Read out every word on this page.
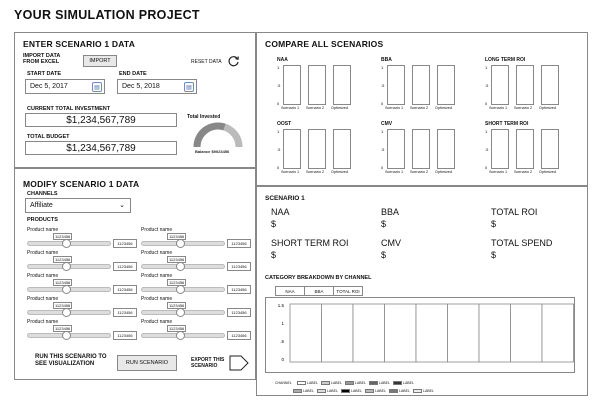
YOUR SIMULATION PROJECT
ENTER SCENARIO 1 DATA
IMPORT DATA FROM EXCEL	IMPORT	RESET DATA
START DATE
Dec 5, 2017	▤
END DATE
Dec 5, 2018	▤
CURRENT TOTAL INVESTMENT
$1,234,567,789
TOTAL BUDGET
$1,234,567,789
Total Invested
Balance $9023456
MODIFY SCENARIO 1 DATA
CHANNELS
Affiliate	⌄
PRODUCTS
Product name
1123456
1123456
Product name
1123456
1123456
Product name
1123456
1123456
Product name
1123456
1123456
Product name
1123456
1123456
Product name
1123456
1123456
Product name
1123456
1123456
Product name
1123456
1123456
Product name
1123456
1123456
Product name
1123456
1123456
RUN THIS SCENARIO TO SEE VISUALIZATION	RUN SCENARIO	EXPORT THIS SCENARIO
COMPARE ALL SCENARIOS
NAA
1
.5
0
Scenario 1 Scenario 2 Optimized
BBA
1
.5
0
Scenario 1 Scenario 2 Optimized
LONG TERM ROI
1
.5
0
Scenario 1 Scenario 2 Optimized
OOST
1
.5
0
Scenario 1 Scenario 2 Optimized
CMV
1
.5
0
Scenario 1 Scenario 2 Optimized
SHORT TERM ROI
1
.5
0
Scenario 1 Scenario 2 Optimized
SCENARIO 1
NAA
$
BBA
$
TOTAL ROI
$
SHORT TERM ROI
$
CMV
$
TOTAL SPEND
$
CATEGORY BREAKDOWN BY CHANNEL
NAA	BBA	TOTAL ROI
1.5
1
.5
0
CHANNEL	LABEL	LABEL	LABEL	LABEL	LABEL
LABEL	LABEL	LABEL	LABEL	LABEL	LABEL
